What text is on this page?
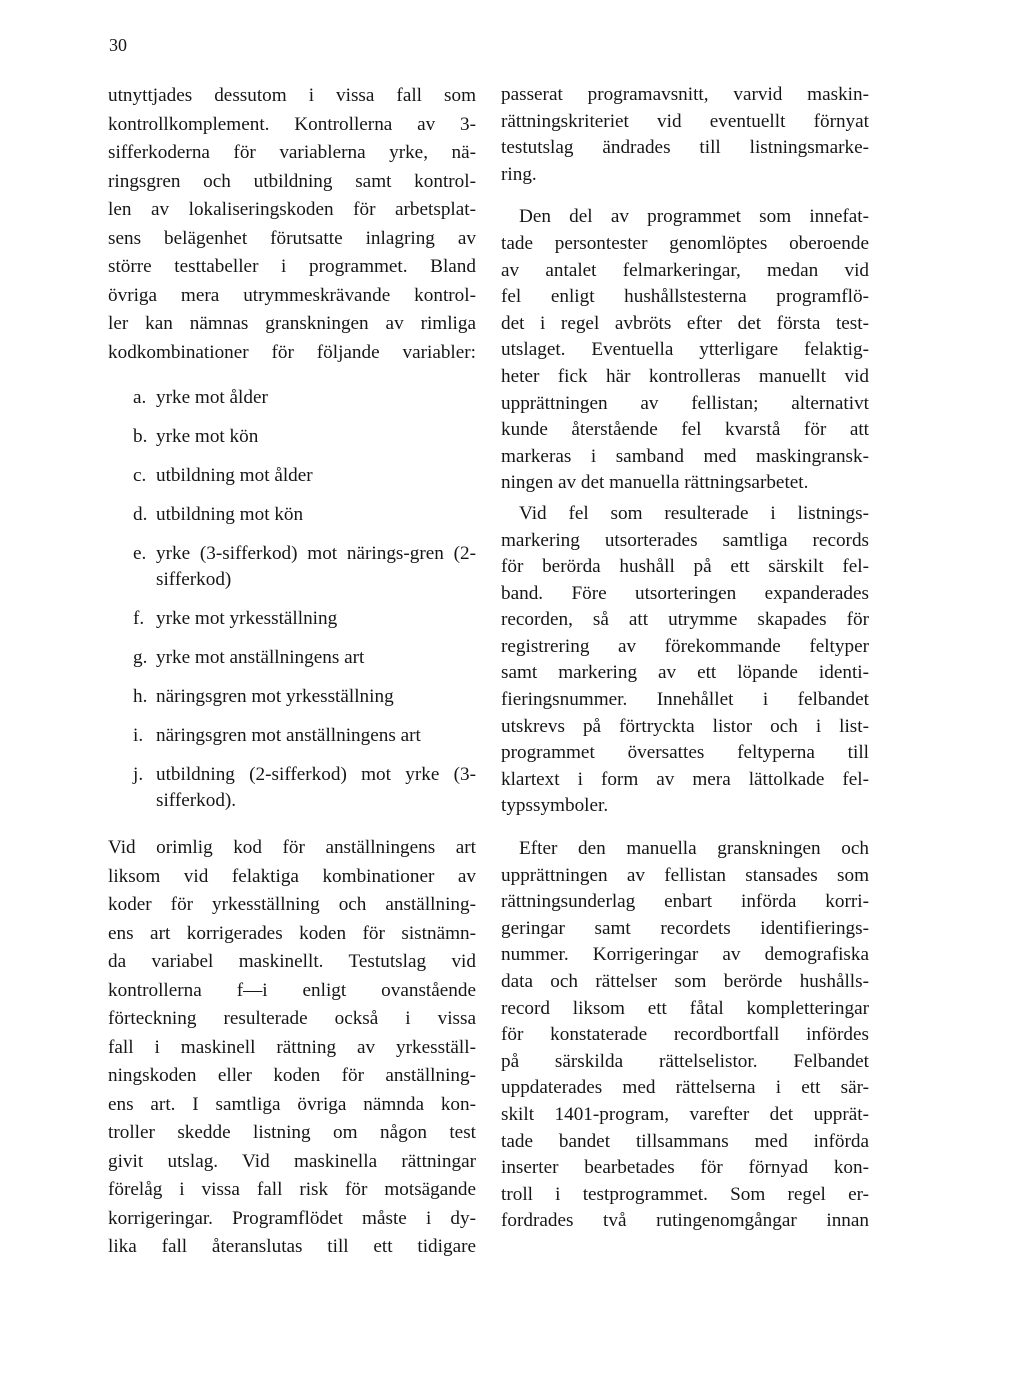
30

utnyttjades dessutom i vissa fall som
kontrollkomplement. Kontrollerna av 3-
sifferkoderna för variablerna yrke, nä-
ringsgren och utbildning samt kontrol-
len av lokaliseringskoden för arbetsplat-
sens belägenhet förutsatte inlagring av
större testtabeller i programmet. Bland
övriga mera utrymmeskrävande kontrol-
ler kan nämnas granskningen av rimliga
kodkombinationer för följande variabler:

a. yrke mot ålder
b. yrke mot kön
c. utbildning mot ålder
d. utbildning mot kön
e. yrke (3-sifferkod) mot närings-gren (2-sifferkod)
f. yrke mot yrkesställning
g. yrke mot anställningens art
h. näringsgren mot yrkesställning
i. näringsgren mot anställningens art
j. utbildning (2-sifferkod) mot yrke (3-sifferkod).

Vid orimlig kod för anställningens art
liksom vid felaktiga kombinationer av
koder för yrkesställning och anställning-
ens art korrigerades koden för sistnämn-
da variabel maskinellt. Testutslag vid
kontrollerna f—i enligt ovanstående
förteckning resulterade också i vissa
fall i maskinell rättning av yrkesställ-
ningskoden eller koden för anställning-
ens art. I samtliga övriga nämnda kon-
troller skedde listning om någon test
givit utslag. Vid maskinella rättningar
förelåg i vissa fall risk för motsägande
korrigeringar. Programflödet måste i dy-
lika fall återanslutas till ett tidigare

passerat programavsnitt, varvid maskin-
rättningskriteriet vid eventuellt förnyat
testutslag ändrades till listningsmarke-
ring.

Den del av programmet som innefat-
tade persontester genomlöptes oberoende
av antalet felmarkeringar, medan vid
fel enligt hushållstesterna programflö-
det i regel avbröts efter det första test-
utslaget. Eventuella ytterligare felaktig-
heter fick här kontrolleras manuellt vid
upprättningen av fellistan; alternativt
kunde återstående fel kvarstå för att
markeras i samband med maskingransk-
ningen av det manuella rättningsarbetet.

Vid fel som resulterade i listnings-
markering utsorterades samtliga records
för berörda hushåll på ett särskilt fel-
band. Före utsorteringen expanderades
recorden, så att utrymme skapades för
registrering av förekommande feltyper
samt markering av ett löpande identi-
fieringsnummer. Innehållet i felbandet
utskrevs på förtryckta listor och i list-
programmet översattes feltyperna till
klartext i form av mera lättolkade fel-
typssymboler.

Efter den manuella granskningen och
upprättningen av fellistan stansades som
rättningsunderlag enbart införda korri-
geringar samt recordets identifierings-
nummer. Korrigeringar av demografiska
data och rättelser som berörde hushålls-
record liksom ett fåtal kompletteringar
för konstaterade recordbortfall infördes
på särskilda rättelselistor. Felbandet
uppdaterades med rättelserna i ett sär-
skilt 1401-program, varefter det upprät-
tade bandet tillsammans med införda
inserter bearbetades för förnyad kon-
troll i testprogrammet. Som regel er-
fordrades två rutingenomgångar innan
